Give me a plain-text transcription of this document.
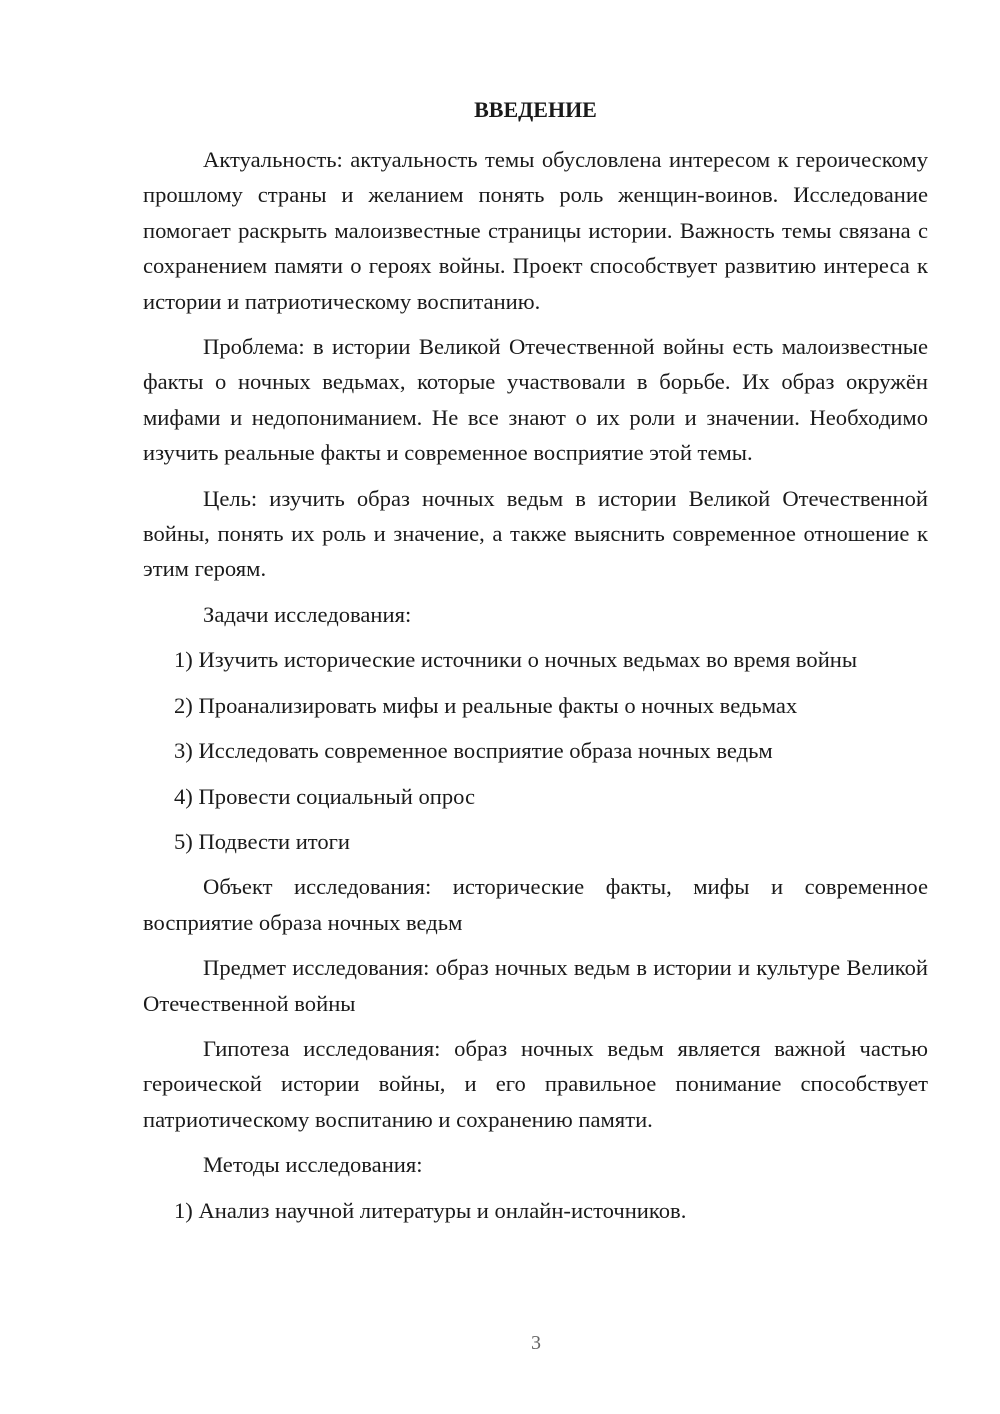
ВВЕДЕНИЕ

Актуальность: актуальность темы обусловлена интересом к героическому прошлому страны и желанием понять роль женщин-воинов. Исследование помогает раскрыть малоизвестные страницы истории. Важность темы связана с сохранением памяти о героях войны. Проект способствует развитию интереса к истории и патриотическому воспитанию.

Проблема: в истории Великой Отечественной войны есть малоизвестные факты о ночных ведьмах, которые участвовали в борьбе. Их образ окружён мифами и недопониманием. Не все знают о их роли и значении. Необходимо изучить реальные факты и современное восприятие этой темы.

Цель: изучить образ ночных ведьм в истории Великой Отечественной войны, понять их роль и значение, а также выяснить современное отношение к этим героям.

Задачи исследования:

1) Изучить исторические источники о ночных ведьмах во время войны
2) Проанализировать мифы и реальные факты о ночных ведьмах
3) Исследовать современное восприятие образа ночных ведьм
4) Провести социальный опрос
5) Подвести итоги

Объект исследования: исторические факты, мифы и современное восприятие образа ночных ведьм

Предмет исследования: образ ночных ведьм в истории и культуре Великой Отечественной войны

Гипотеза исследования: образ ночных ведьм является важной частью героической истории войны, и его правильное понимание способствует патриотическому воспитанию и сохранению памяти.

Методы исследования:

1) Анализ научной литературы и онлайн-источников.
3
